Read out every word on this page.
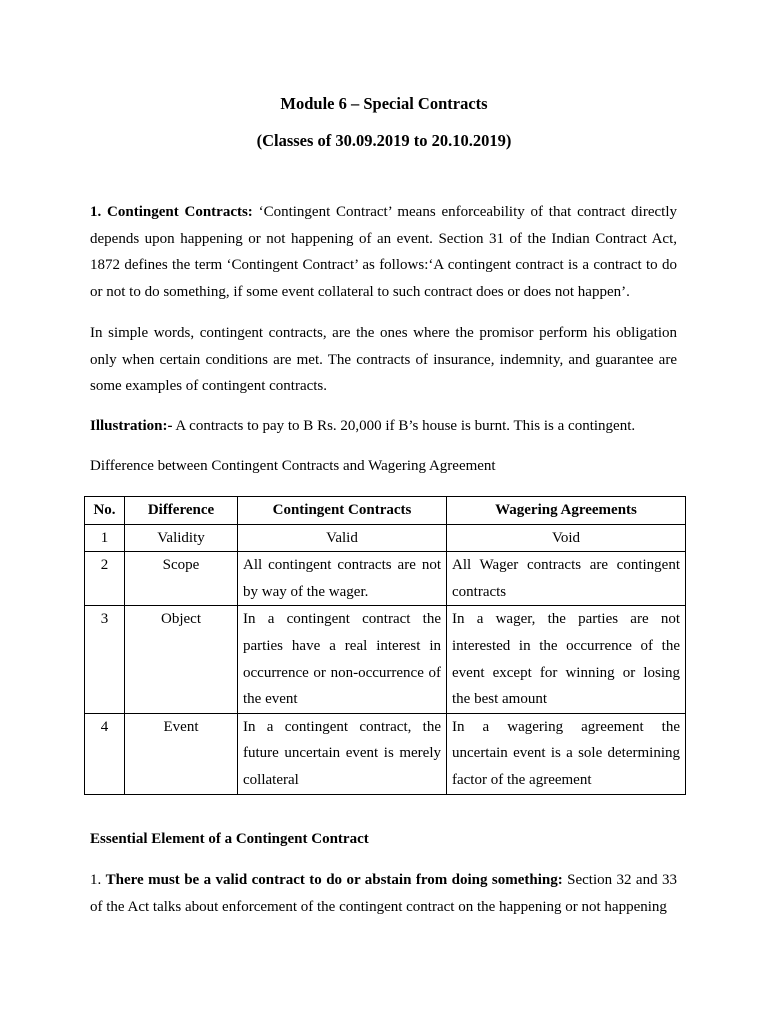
Module 6 – Special Contracts
(Classes of 30.09.2019 to 20.10.2019)
1. Contingent Contracts: ‘Contingent Contract’ means enforceability of that contract directly depends upon happening or not happening of an event. Section 31 of the Indian Contract Act, 1872 defines the term ‘Contingent Contract’ as follows:‘A contingent contract is a contract to do or not to do something, if some event collateral to such contract does or does not happen’.
In simple words, contingent contracts, are the ones where the promisor perform his obligation only when certain conditions are met. The contracts of insurance, indemnity, and guarantee are some examples of contingent contracts.
Illustration:- A contracts to pay to B Rs. 20,000 if B’s house is burnt. This is a contingent.
Difference between Contingent Contracts and Wagering Agreement
No.	Difference	Contingent Contracts	Wagering Agreements
1	Validity	Valid	Void
2	Scope	All contingent contracts are not by way of the wager.	All Wager contracts are contingent contracts
3	Object	In a contingent contract the parties have a real interest in occurrence or non-occurrence of the event	In a wager, the parties are not interested in the occurrence of the event except for winning or losing the best amount
4	Event	In a contingent contract, the future uncertain event is merely collateral	In a wagering agreement the uncertain event is a sole determining factor of the agreement
Essential Element of a Contingent Contract
1. There must be a valid contract to do or abstain from doing something: Section 32 and 33 of the Act talks about enforcement of the contingent contract on the happening or not happening
